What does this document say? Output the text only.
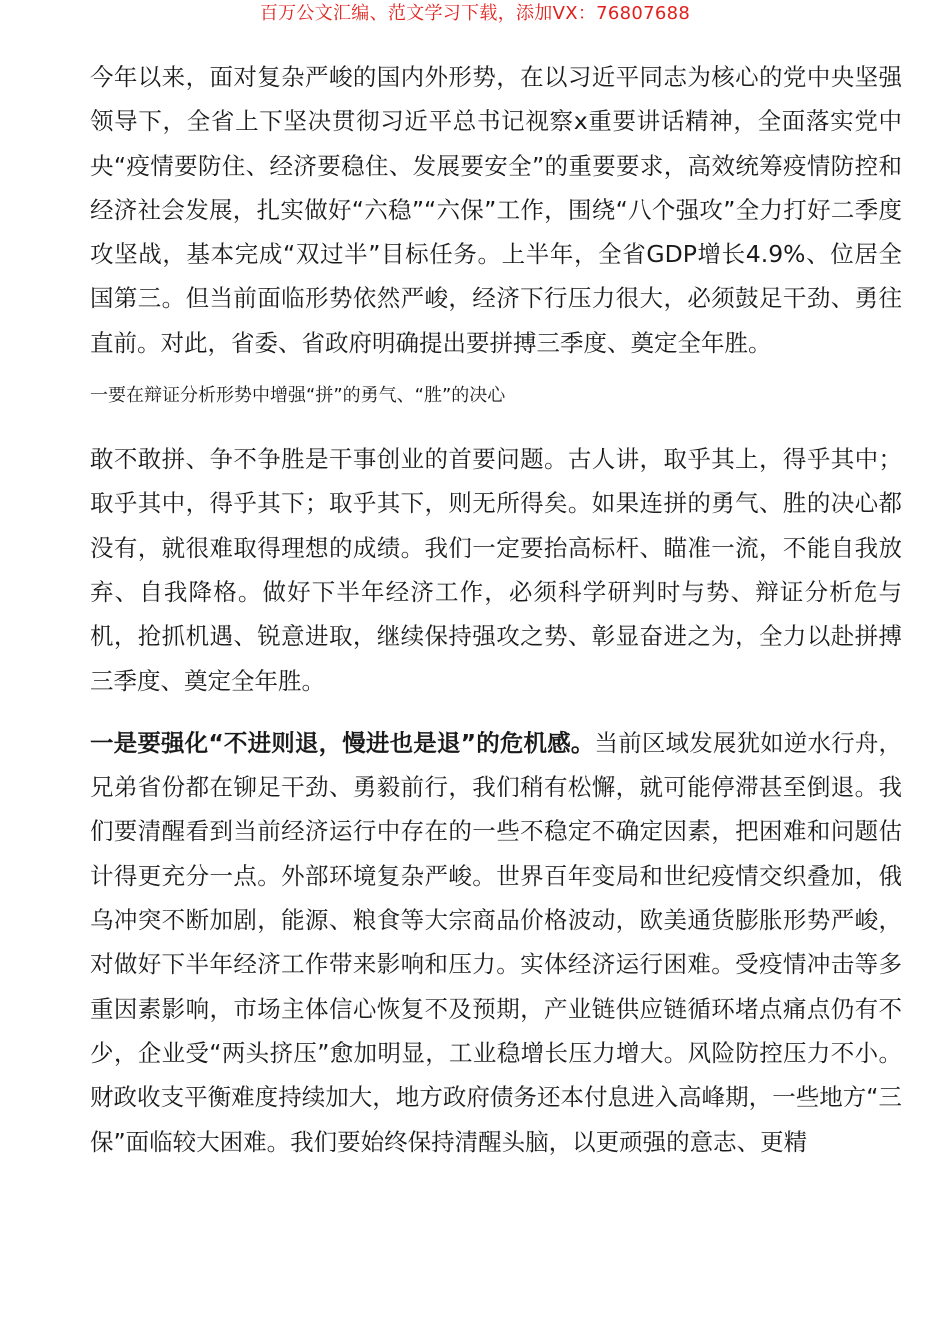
百万公文汇编、范文学习下载，添加VX：76807688

今年以来，面对复杂严峻的国内外形势，在以习近平同志为核心的党中央坚强领导下，全省上下坚决贯彻习近平总书记视察x重要讲话精神，全面落实党中央“疫情要防住、经济要稳住、发展要安全”的重要要求，高效统筹疫情防控和经济社会发展，扎实做好“六稳”“六保”工作，围绕“八个强攻”全力打好二季度攻坚战，基本完成“双过半”目标任务。上半年，全省GDP增长4.9%、位居全国第三。但当前面临形势依然严峻，经济下行压力很大，必须鼓足干劲、勇往直前。对此，省委、省政府明确提出要拼搏三季度、奠定全年胜。

一要在辩证分析形势中增强“拼”的勇气、“胜”的决心

敢不敢拼、争不争胜是干事创业的首要问题。古人讲，取乎其上，得乎其中；取乎其中，得乎其下；取乎其下，则无所得矣。如果连拼的勇气、胜的决心都没有，就很难取得理想的成绩。我们一定要抬高标杆、瞄准一流，不能自我放弃、自我降格。做好下半年经济工作，必须科学研判时与势、辩证分析危与机，抢抓机遇、锐意进取，继续保持强攻之势、彰显奋进之为，全力以赴拼搏三季度、奠定全年胜。

一是要强化“不进则退，慢进也是退”的危机感。当前区域发展犹如逆水行舟，兄弟省份都在铆足干劲、勇毅前行，我们稍有松懈，就可能停滞甚至倒退。我们要清醒看到当前经济运行中存在的一些不稳定不确定因素，把困难和问题估计得更充分一点。外部环境复杂严峻。世界百年变局和世纪疫情交织叠加，俄乌冲突不断加剧，能源、粮食等大宗商品价格波动，欧美通货膨胀形势严峻，对做好下半年经济工作带来影响和压力。实体经济运行困难。受疫情冲击等多重因素影响，市场主体信心恢复不及预期，产业链供应链循环堵点痛点仍有不少，企业受“两头挤压”愈加明显，工业稳增长压力增大。风险防控压力不小。财政收支平衡难度持续加大，地方政府债务还本付息进入高峰期，一些地方“三保”面临较大困难。我们要始终保持清醒头脑，以更顽强的意志、更精
